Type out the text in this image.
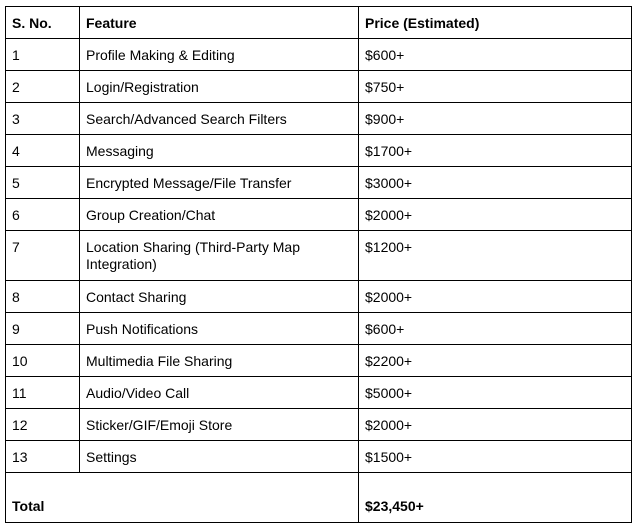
S. No.	Feature	Price (Estimated)
1	Profile Making & Editing	$600+
2	Login/Registration	$750+
3	Search/Advanced Search Filters	$900+
4	Messaging	$1700+
5	Encrypted Message/File Transfer	$3000+
6	Group Creation/Chat	$2000+
7	Location Sharing (Third-Party Map Integration)	$1200+
8	Contact Sharing	$2000+
9	Push Notifications	$600+
10	Multimedia File Sharing	$2200+
11	Audio/Video Call	$5000+
12	Sticker/GIF/Emoji Store	$2000+
13	Settings	$1500+
Total		$23,450+
